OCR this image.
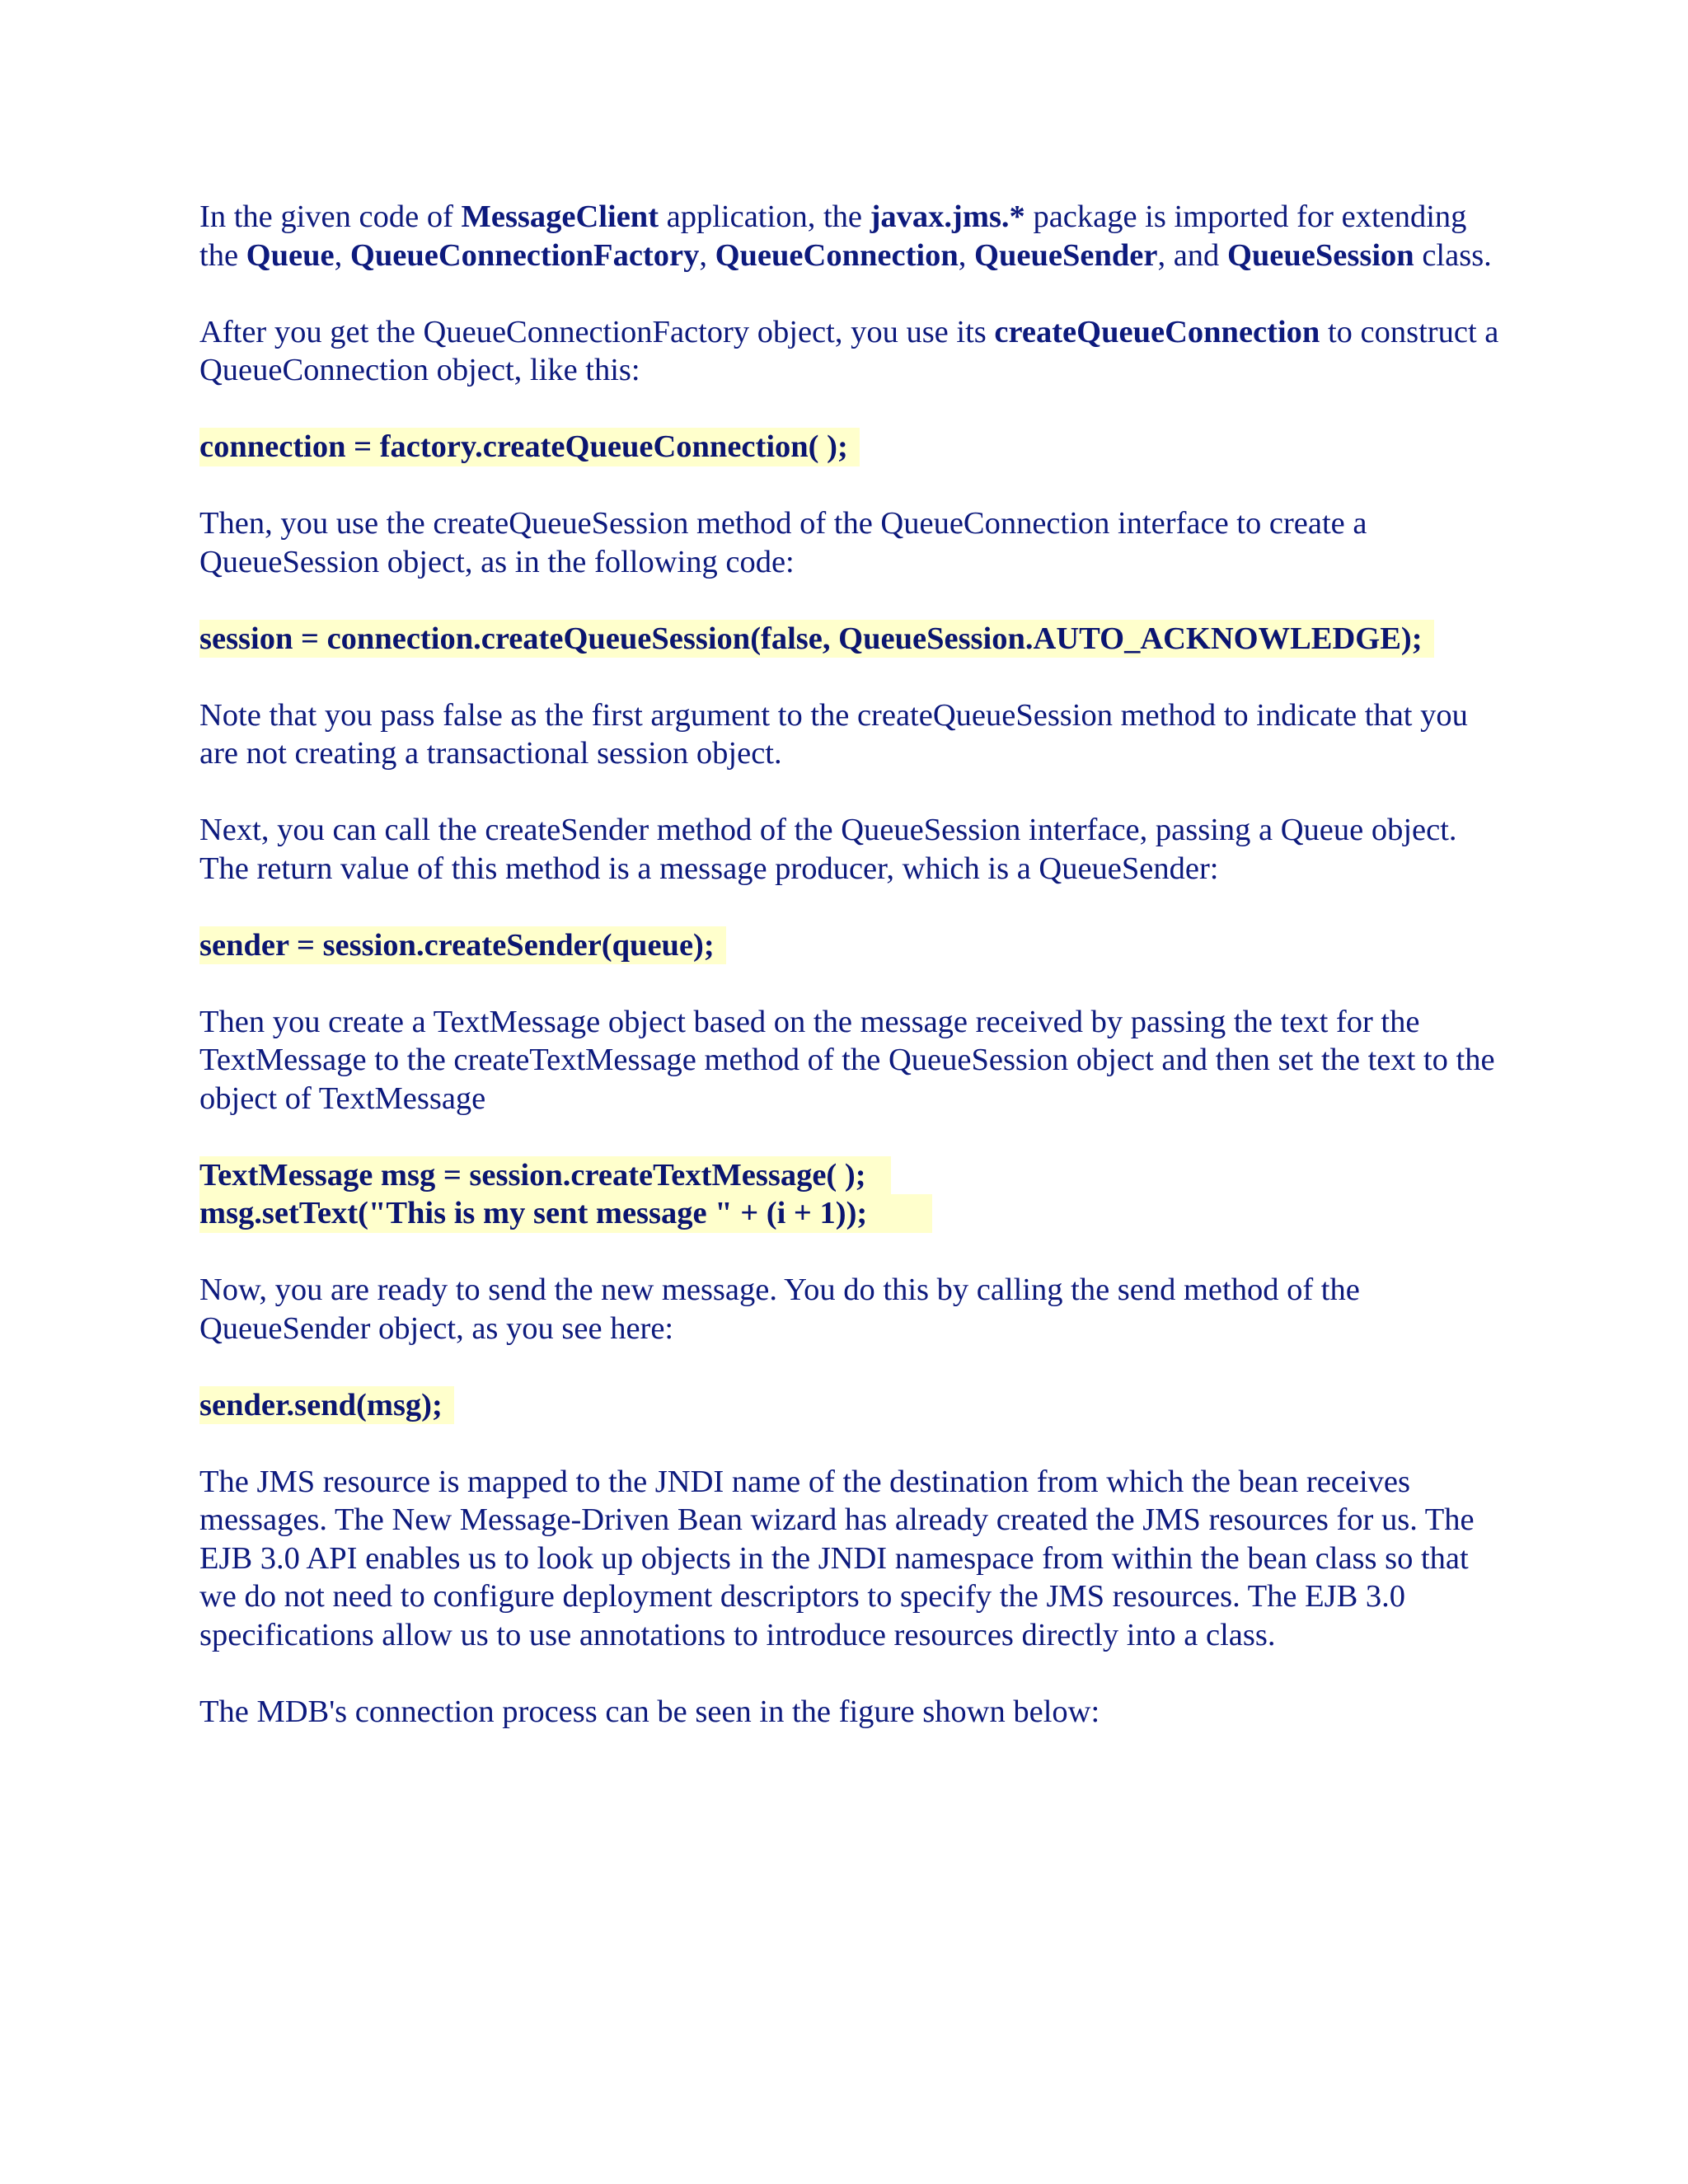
In the given code of MessageClient application, the javax.jms.* package is imported for extending the Queue, QueueConnectionFactory, QueueConnection, QueueSender, and QueueSession class.

After you get the QueueConnectionFactory object, you use its createQueueConnection to construct a QueueConnection object, like this:

connection = factory.createQueueConnection( );

Then, you use the createQueueSession method of the QueueConnection interface to create a QueueSession object, as in the following code:

session = connection.createQueueSession(false, QueueSession.AUTO_ACKNOWLEDGE);

Note that you pass false as the first argument to the createQueueSession method to indicate that you are not creating a transactional session object.

Next, you can call the createSender method of the QueueSession interface, passing a Queue object. The return value of this method is a message producer, which is a QueueSender:

sender = session.createSender(queue);

Then you create a TextMessage object based on the message received by passing the text for the TextMessage to the createTextMessage method of the QueueSession object and then set the text to the object of TextMessage

TextMessage msg = session.createTextMessage( );
msg.setText("This is my sent message " + (i + 1));

Now, you are ready to send the new message. You do this by calling the send method of the QueueSender object, as you see here:

sender.send(msg);

The JMS resource is mapped to the JNDI name of the destination from which the bean receives messages. The New Message-Driven Bean wizard has already created the JMS resources for us. The EJB 3.0 API enables us to look up objects in the JNDI namespace from within the bean class so that we do not need to configure deployment descriptors to specify the JMS resources. The EJB 3.0 specifications allow us to use annotations to introduce resources directly into a class.

The MDB's connection process can be seen in the figure shown below:
